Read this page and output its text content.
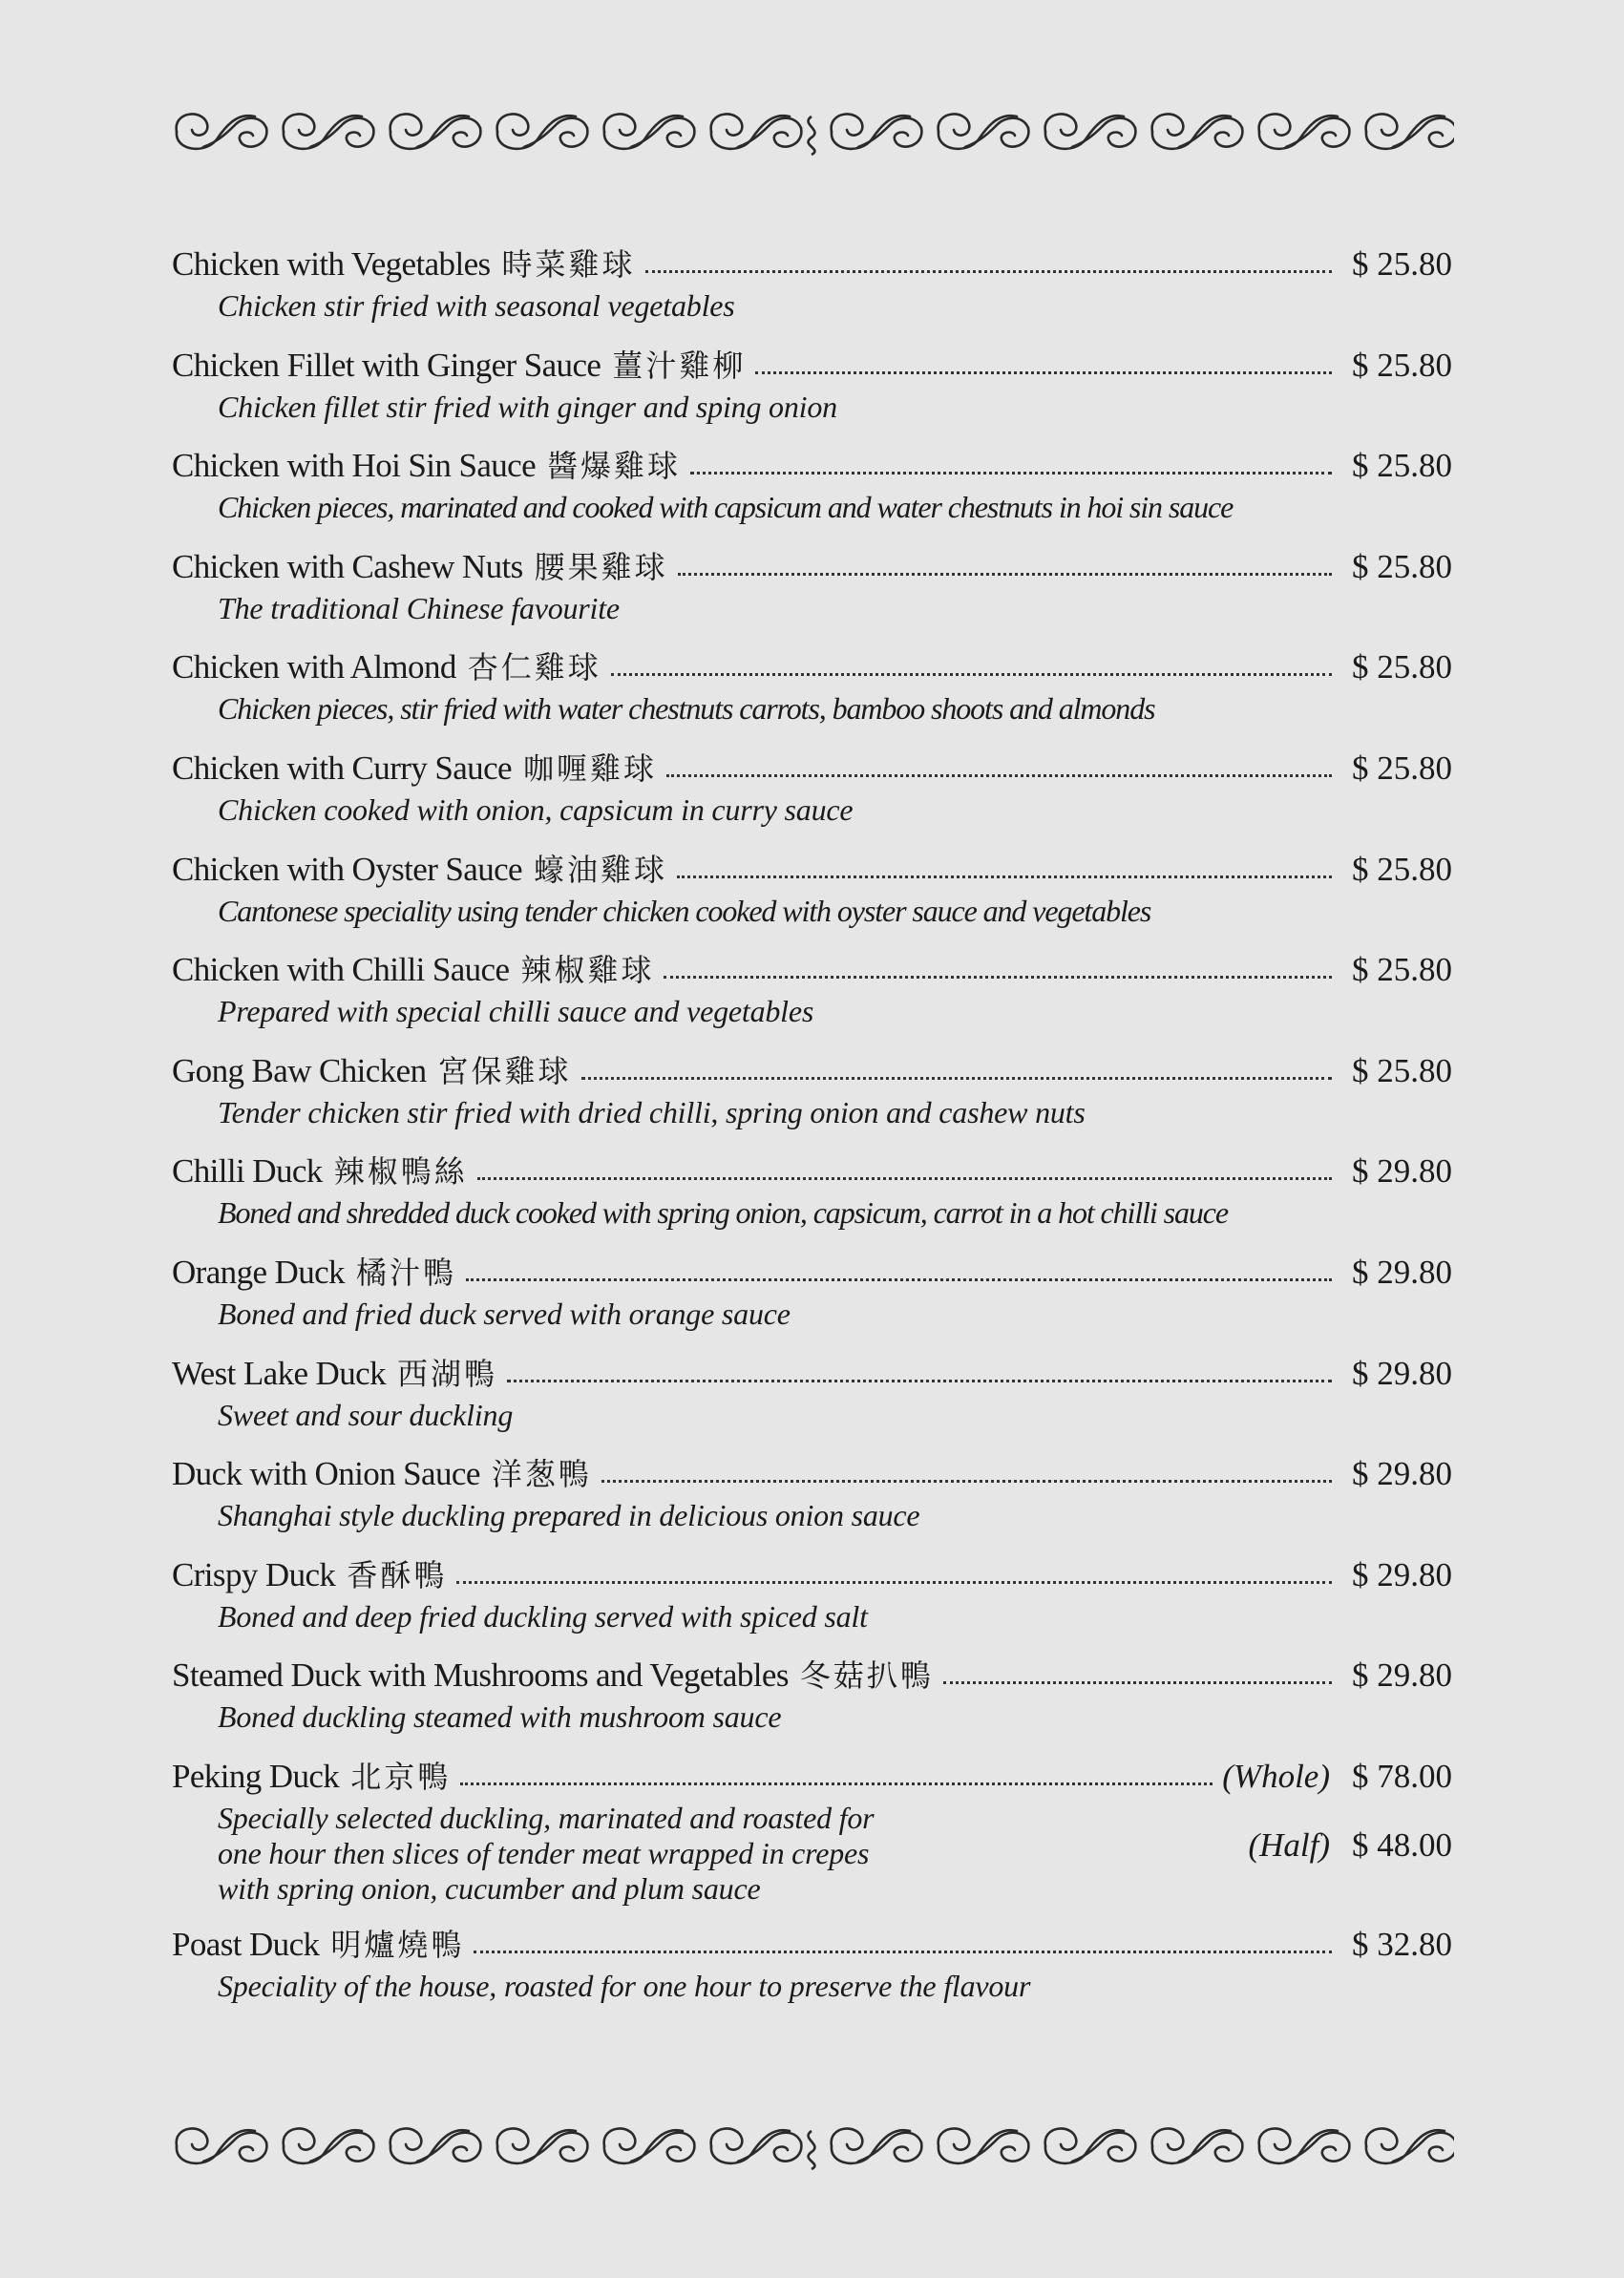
Chicken with Vegetables 時菜雞球	$ 25.80
Chicken stir fried with seasonal vegetables
Chicken Fillet with Ginger Sauce 薑汁雞柳	$ 25.80
Chicken fillet stir fried with ginger and sping onion
Chicken with Hoi Sin Sauce 醬爆雞球	$ 25.80
Chicken pieces, marinated and cooked with capsicum and water chestnuts in hoi sin sauce
Chicken with Cashew Nuts 腰果雞球	$ 25.80
The traditional Chinese favourite
Chicken with Almond 杏仁雞球	$ 25.80
Chicken pieces, stir fried with water chestnuts carrots, bamboo shoots and almonds
Chicken with Curry Sauce 咖喱雞球	$ 25.80
Chicken cooked with onion, capsicum in curry sauce
Chicken with Oyster Sauce 蠔油雞球	$ 25.80
Cantonese speciality using tender chicken cooked with oyster sauce and vegetables
Chicken with Chilli Sauce 辣椒雞球	$ 25.80
Prepared with special chilli sauce and vegetables
Gong Baw Chicken 宮保雞球	$ 25.80
Tender chicken stir fried with dried chilli, spring onion and cashew nuts
Chilli Duck 辣椒鴨絲	$ 29.80
Boned and shredded duck cooked with spring onion, capsicum, carrot in a hot chilli sauce
Orange Duck 橘汁鴨	$ 29.80
Boned and fried duck served with orange sauce
West Lake Duck 西湖鴨	$ 29.80
Sweet and sour duckling
Duck with Onion Sauce 洋葱鴨	$ 29.80
Shanghai style duckling prepared in delicious onion sauce
Crispy Duck 香酥鴨	$ 29.80
Boned and deep fried duckling served with spiced salt
Steamed Duck with Mushrooms and Vegetables 冬菇扒鴨	$ 29.80
Boned duckling steamed with mushroom sauce
Peking Duck 北京鴨	(Whole) $ 78.00
Specially selected duckling, marinated and roasted for
one hour then slices of tender meat wrapped in crepes
with spring onion, cucumber and plum sauce
(Half) $ 48.00
Poast Duck 明爐燒鴨	$ 32.80
Speciality of the house, roasted for one hour to preserve the flavour
